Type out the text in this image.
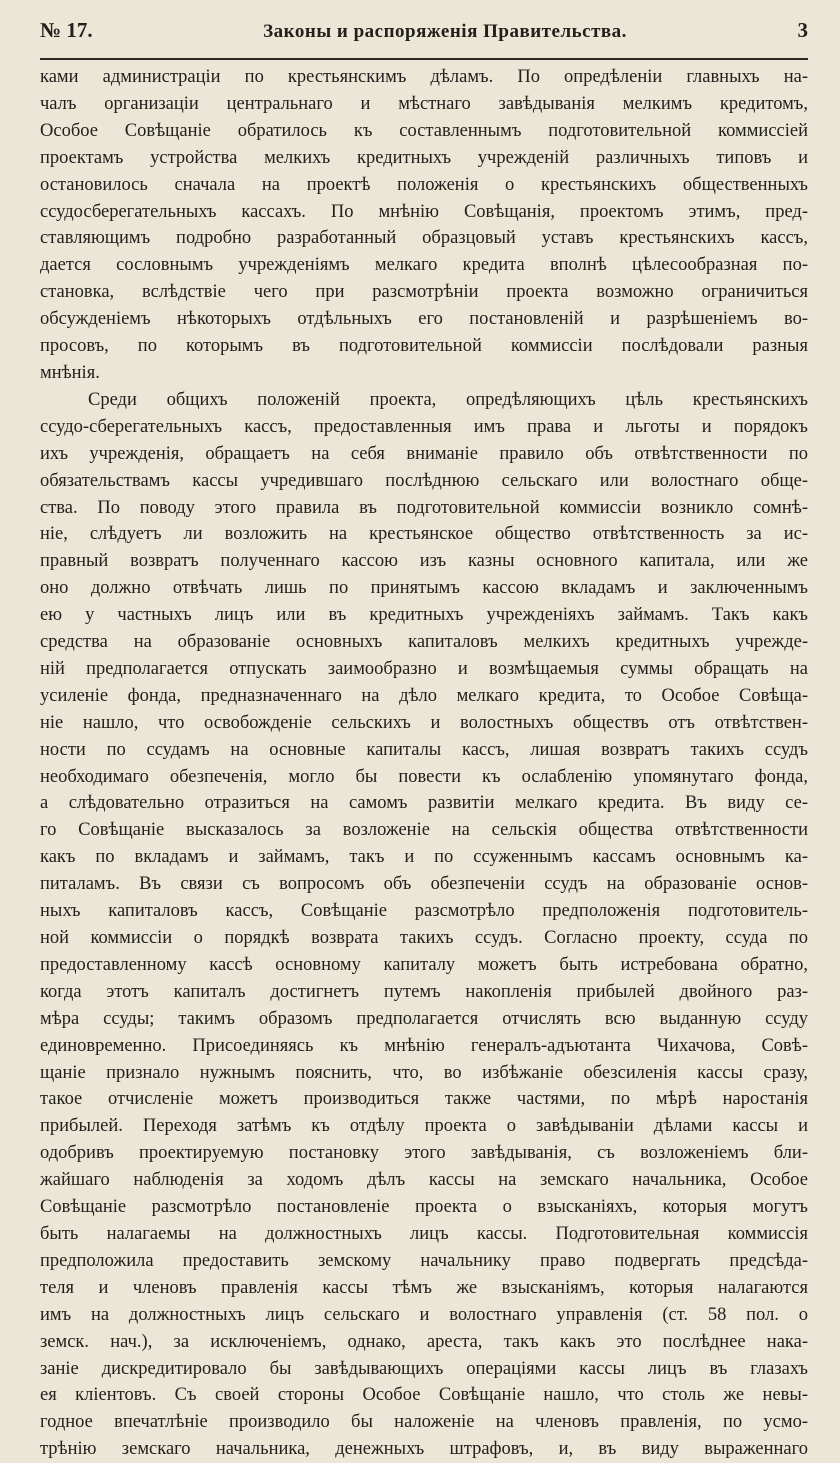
№ 17.	Законы и распоряженія Правительства.	3
ками администраціи по крестьянскимъ дѣламъ. По опредѣленіи главныхъ на-
чалъ организаціи центральнаго и мѣстнаго завѣдыванія мелкимъ кредитомъ,
Особое Совѣщаніе обратилось къ составленнымъ подготовительной коммиссіей
проектамъ устройства мелкихъ кредитныхъ учрежденій различныхъ типовъ и
остановилось сначала на проектѣ положенія о крестьянскихъ общественныхъ
ссудосберегательныхъ кассахъ. По мнѣнію Совѣщанія, проектомъ этимъ, пред-
ставляющимъ подробно разработанный образцовый уставъ крестьянскихъ кассъ,
дается сословнымъ учрежденіямъ мелкаго кредита вполнѣ цѣлесообразная по-
становка, вслѣдствіе чего при разсмотрѣніи проекта возможно ограничиться
обсужденіемъ нѣкоторыхъ отдѣльныхъ его постановленій и разрѣшеніемъ во-
просовъ, по которымъ въ подготовительной коммиссіи послѣдовали разныя
мнѣнія.
Среди общихъ положеній проекта, опредѣляющихъ цѣль крестьянскихъ
ссудо-сберегательныхъ кассъ, предоставленныя имъ права и льготы и порядокъ
ихъ учрежденія, обращаетъ на себя вниманіе правило объ отвѣтственности по
обязательствамъ кассы учредившаго послѣднюю сельскаго или волостнаго обще-
ства. По поводу этого правила въ подготовительной коммиссіи возникло сомнѣ-
ніе, слѣдуетъ ли возложить на крестьянское общество отвѣтственность за ис-
правный возвратъ полученнаго кассою изъ казны основного капитала, или же
оно должно отвѣчать лишь по принятымъ кассою вкладамъ и заключеннымъ
ею у частныхъ лицъ или въ кредитныхъ учрежденіяхъ займамъ. Такъ какъ
средства на образованіе основныхъ капиталовъ мелкихъ кредитныхъ учрежде-
ній предполагается отпускать заимообразно и возмѣщаемыя суммы обращать на
усиленіе фонда, предназначеннаго на дѣло мелкаго кредита, то Особое Совѣща-
ніе нашло, что освобожденіе сельскихъ и волостныхъ обществъ отъ отвѣтствен-
ности по ссудамъ на основные капиталы кассъ, лишая возвратъ такихъ ссудъ
необходимаго обезпеченія, могло бы повести къ ослабленію упомянутаго фонда,
а слѣдовательно отразиться на самомъ развитіи мелкаго кредита. Въ виду се-
го Совѣщаніе высказалось за возложеніе на сельскія общества отвѣтственности
какъ по вкладамъ и займамъ, такъ и по ссуженнымъ кассамъ основнымъ ка-
питаламъ. Въ связи съ вопросомъ объ обезпеченіи ссудъ на образованіе основ-
ныхъ капиталовъ кассъ, Совѣщаніе разсмотрѣло предположенія подготовитель-
ной коммиссіи о порядкѣ возврата такихъ ссудъ. Согласно проекту, ссуда по
предоставленному кассѣ основному капиталу можетъ быть истребована обратно,
когда этотъ капиталъ достигнетъ путемъ накопленія прибылей двойного раз-
мѣра ссуды; такимъ образомъ предполагается отчислять всю выданную ссуду
единовременно. Присоединяясь къ мнѣнію генералъ-адъютанта Чихачова, Совѣ-
щаніе признало нужнымъ пояснить, что, во избѣжаніе обезсиленія кассы сразу,
такое отчисленіе можетъ производиться также частями, по мѣрѣ наростанія
прибылей. Переходя затѣмъ къ отдѣлу проекта о завѣдываніи дѣлами кассы и
одобривъ проектируемую постановку этого завѣдыванія, съ возложеніемъ бли-
жайшаго наблюденія за ходомъ дѣлъ кассы на земскаго начальника, Особое
Совѣщаніе разсмотрѣло постановленіе проекта о взысканіяхъ, которыя могутъ
быть налагаемы на должностныхъ лицъ кассы. Подготовительная коммиссія
предположила предоставить земскому начальнику право подвергать предсѣда-
теля и членовъ правленія кассы тѣмъ же взысканіямъ, которыя налагаются
имъ на должностныхъ лицъ сельскаго и волостнаго управленія (ст. 58 пол. о
земск. нач.), за исключеніемъ, однако, ареста, такъ какъ это послѣднее нака-
заніе дискредитировало бы завѣдывающихъ операціями кассы лицъ въ глазахъ
ея кліентовъ. Съ своей стороны Особое Совѣщаніе нашло, что столь же невы-
годное впечатлѣніе производило бы наложеніе на членовъ правленія, по усмо-
трѣнію земскаго начальника, денежныхъ штрафовъ, и, въ виду выраженнаго
